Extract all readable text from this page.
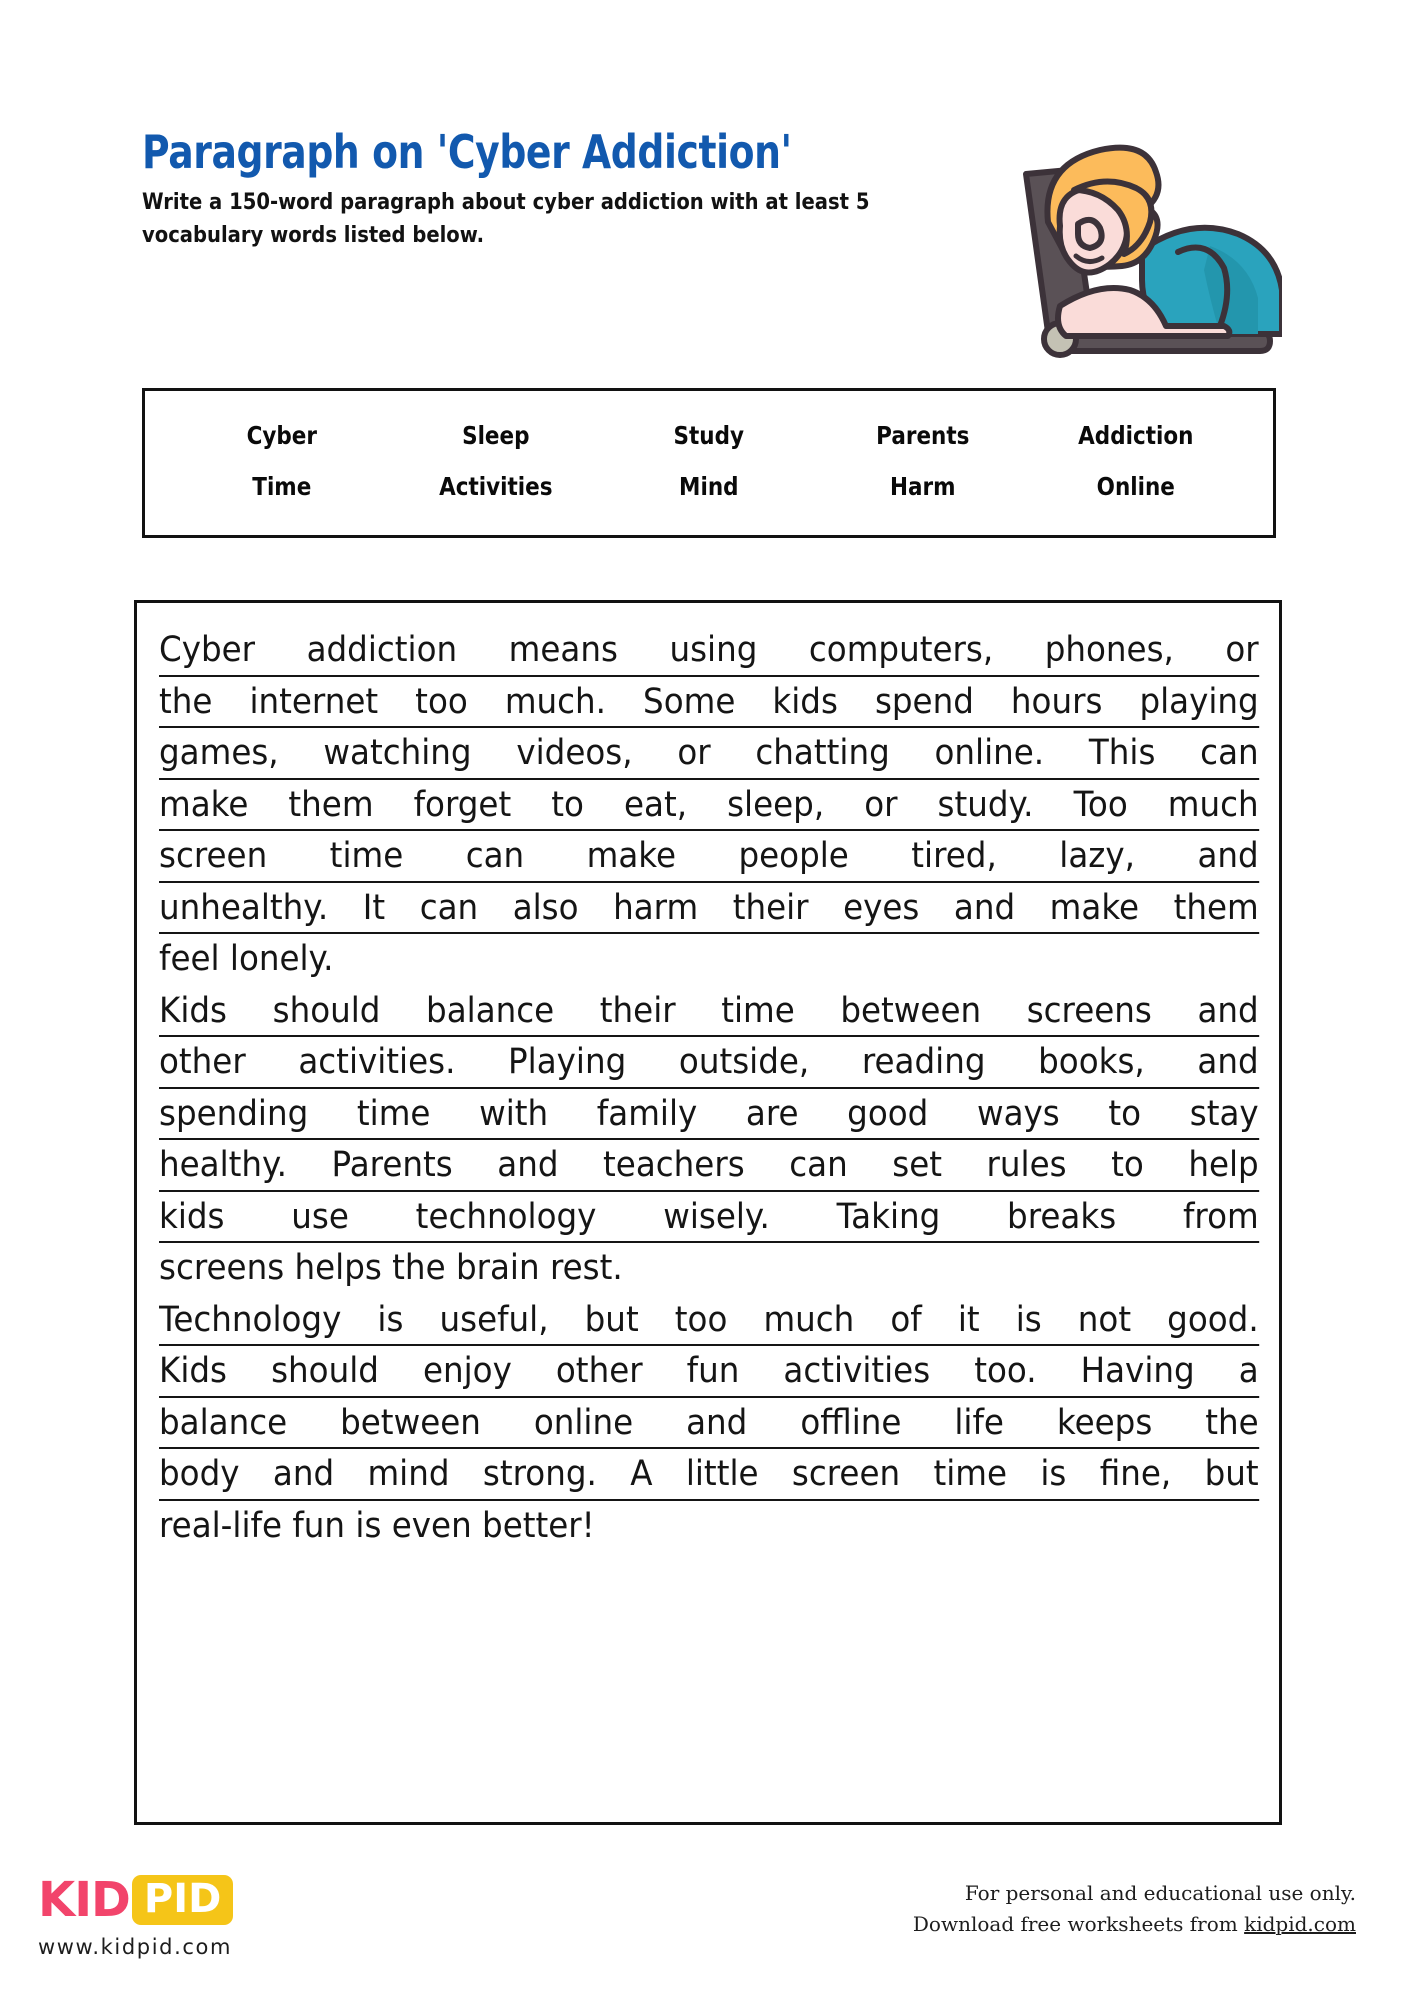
Paragraph on 'Cyber Addiction'

Write a 150-word paragraph about cyber addiction with at least 5 vocabulary words listed below.

Cyber	Sleep	Study	Parents	Addiction
Time	Activities	Mind	Harm	Online
Cyber addiction means using computers, phones, or
the internet too much. Some kids spend hours playing
games, watching videos, or chatting online. This can
make them forget to eat, sleep, or study. Too much
screen time can make people tired, lazy, and
unhealthy. It can also harm their eyes and make them
feel lonely.
Kids should balance their time between screens and
other activities. Playing outside, reading books, and
spending time with family are good ways to stay
healthy. Parents and teachers can set rules to help
kids use technology wisely. Taking breaks from
screens helps the brain rest.
Technology is useful, but too much of it is not good.
Kids should enjoy other fun activities too. Having a
balance between online and offline life keeps the
body and mind strong. A little screen time is fine, but
real-life fun is even better!
KID PID
www.kidpid.com
For personal and educational use only.
Download free worksheets from kidpid.com
